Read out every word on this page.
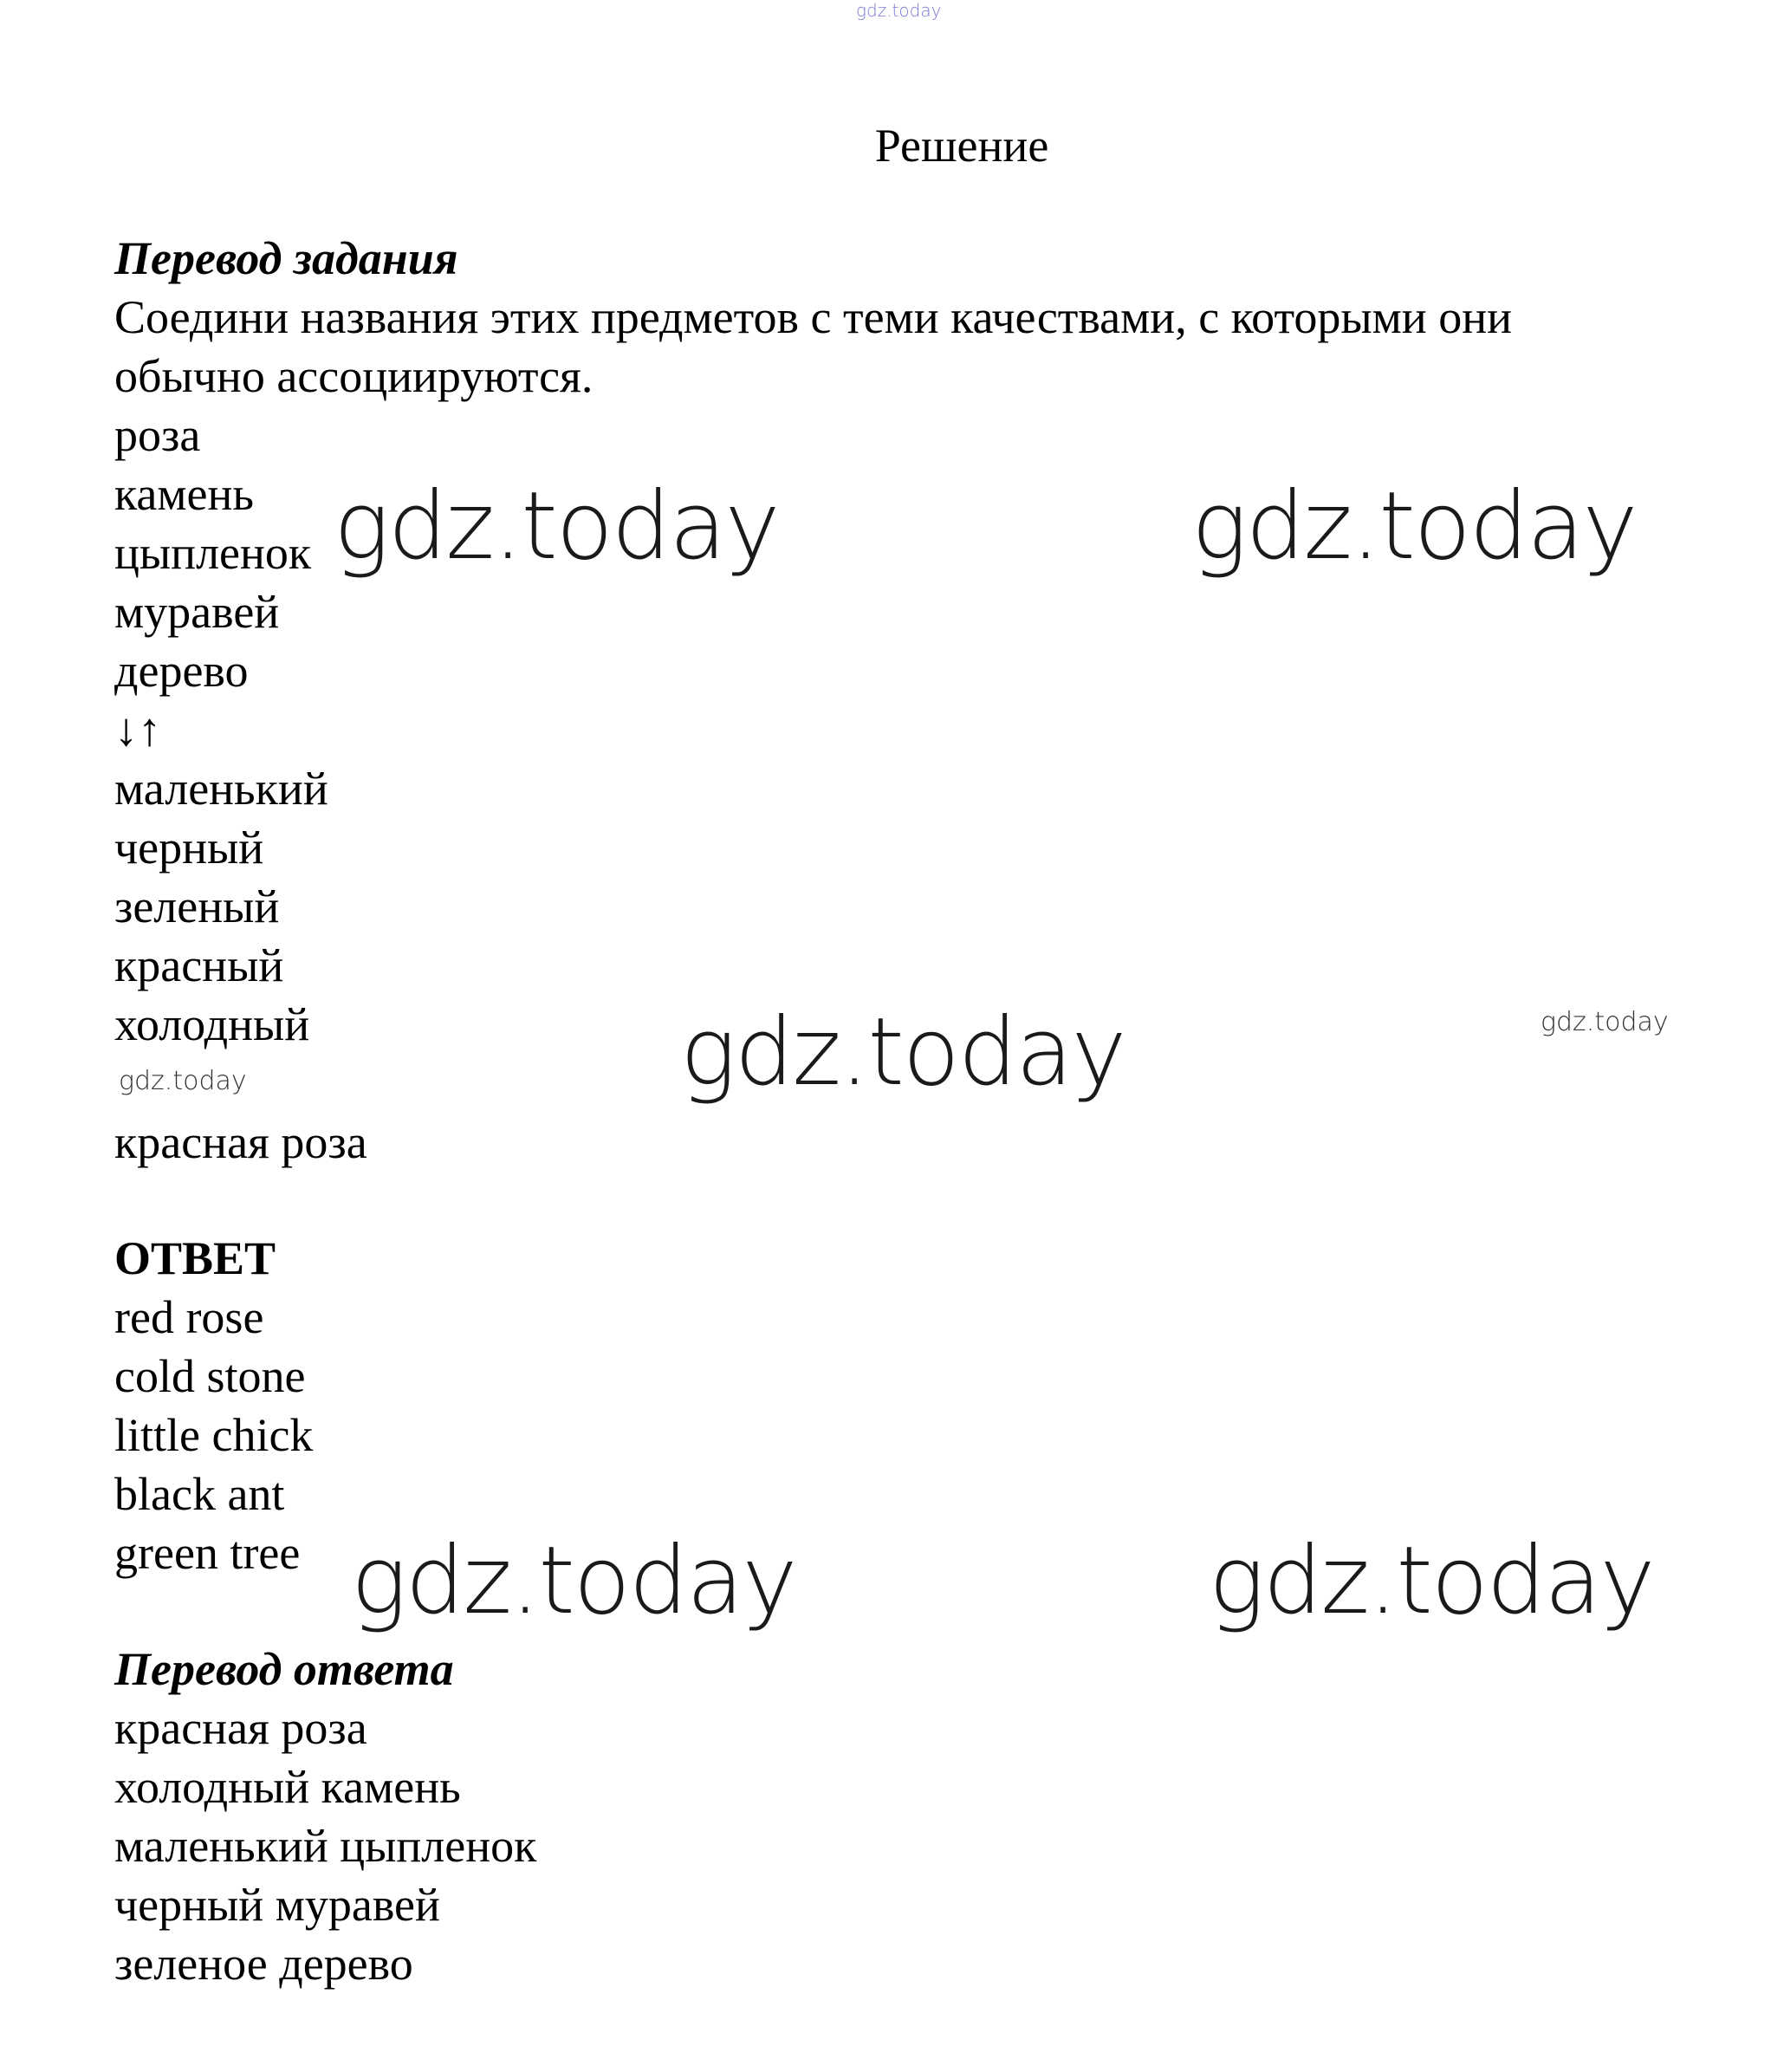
gdz.today
Решение
Перевод задания
Соедини названия этих предметов с теми качествами, с которыми они
обычно ассоциируются.
роза
камень
цыпленок
муравей
дерево
↓↑
маленький
черный
зеленый
красный
холодный
красная роза
ОТВЕТ
red rose
cold stone
little chick
black ant
green tree
Перевод ответа
красная роза
холодный камень
маленький цыпленок
черный муравей
зеленое дерево
gdz.today	gdz.today
gdz.today
gdz.today	gdz.today
gdz.today
gdz.today
